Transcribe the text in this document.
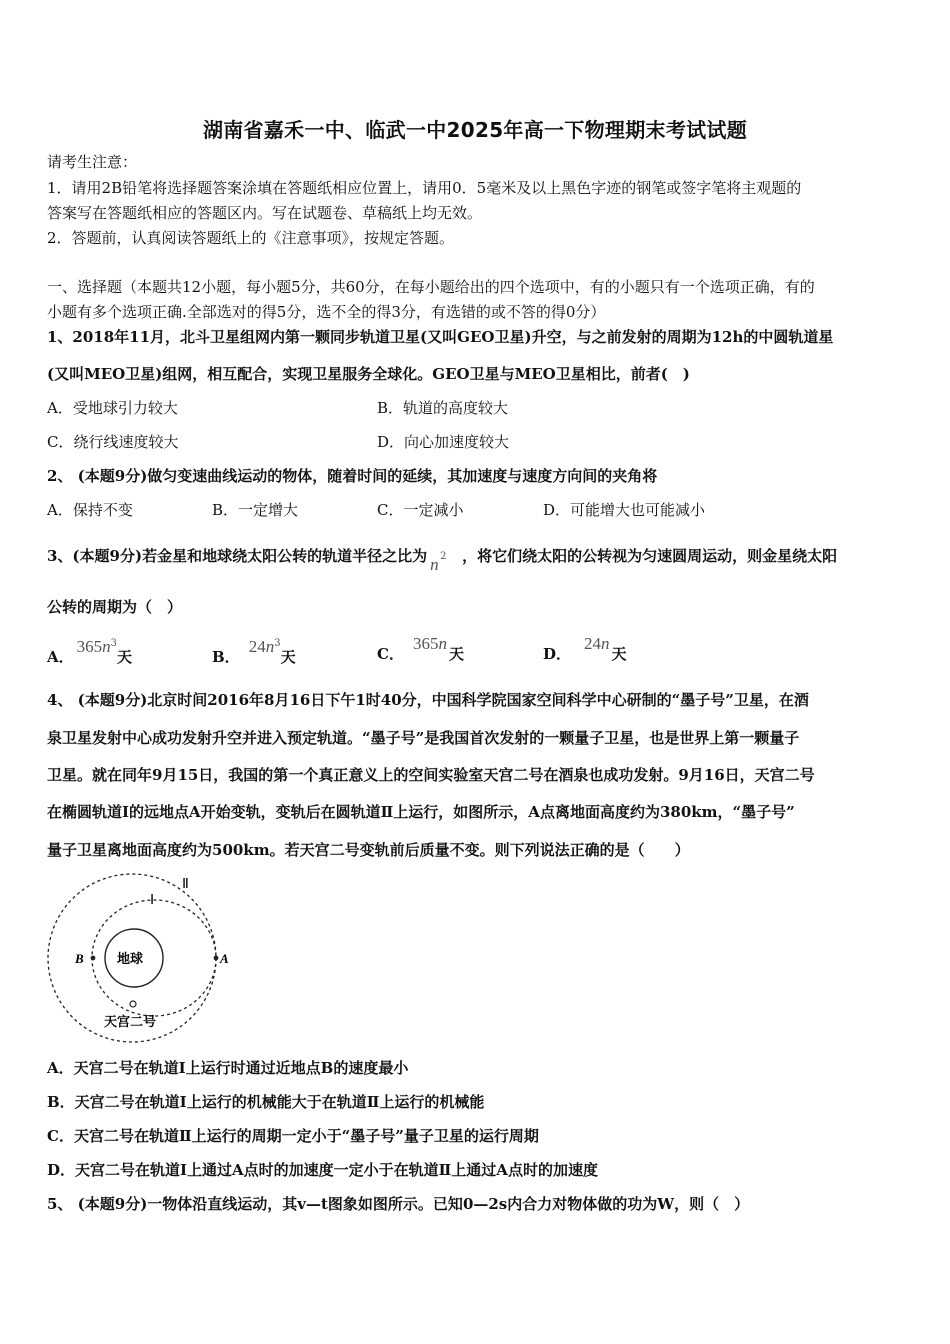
湖南省嘉禾一中、临武一中2025年高一下物理期末考试试题
请考生注意：
1．请用2B铅笔将选择题答案涂填在答题纸相应位置上，请用0．5毫米及以上黑色字迹的钢笔或签字笔将主观题的
答案写在答题纸相应的答题区内。写在试题卷、草稿纸上均无效。
2．答题前，认真阅读答题纸上的《注意事项》，按规定答题。
一、选择题（本题共12小题，每小题5分，共60分，在每小题给出的四个选项中，有的小题只有一个选项正确，有的
小题有多个选项正确.全部选对的得5分，选不全的得3分，有选错的或不答的得0分）
1、2018年11月，北斗卫星组网内第一颗同步轨道卫星(又叫GEO卫星)升空，与之前发射的周期为12h的中圆轨道星
(又叫MEO卫星)组网，相互配合，实现卫星服务全球化。GEO卫星与MEO卫星相比，前者(　)
A．受地球引力较大	B．轨道的高度较大
C．绕行线速度较大	D．向心加速度较大
2、 (本题9分)做匀变速曲线运动的物体，随着时间的延续，其加速度与速度方向间的夹角将
A．保持不变	B．一定增大	C．一定减小	D．可能增大也可能减小
3、(本题9分)若金星和地球绕太阳公转的轨道半径之比为 n 2 ，将它们绕太阳的公转视为匀速圆周运动，则金星绕太阳
公转的周期为（　）
A．$365n^3$天	B．$24n^3$天	C．365n天	D．24n天
4、 (本题9分)北京时间2016年8月16日下午1时40分，中国科学院国家空间科学中心研制的“墨子号”卫星，在酒
泉卫星发射中心成功发射升空并进入预定轨道。“墨子号”是我国首次发射的一颗量子卫星，也是世界上第一颗量子
卫星。就在同年9月15日，我国的第一个真正意义上的空间实验室天宫二号在酒泉也成功发射。9月16日，天宫二号
在椭圆轨道Ⅰ的远地点A开始变轨，变轨后在圆轨道Ⅱ上运行，如图所示，A点离地面高度约为380km，“墨子号”
量子卫星离地面高度约为500km。若天宫二号变轨前后质量不变。则下列说法正确的是（　　）
Ⅱ
Ⅰ
B	A
地球
天宫二号
A．天宫二号在轨道Ⅰ上运行时通过近地点B的速度最小
B．天宫二号在轨道Ⅰ上运行的机械能大于在轨道Ⅱ上运行的机械能
C．天宫二号在轨道Ⅱ上运行的周期一定小于“墨子号”量子卫星的运行周期
D．天宫二号在轨道Ⅰ上通过A点时的加速度一定小于在轨道Ⅱ上通过A点时的加速度
5、 (本题9分)一物体沿直线运动，其v—t图象如图所示。已知0—2s内合力对物体做的功为W，则（　）
